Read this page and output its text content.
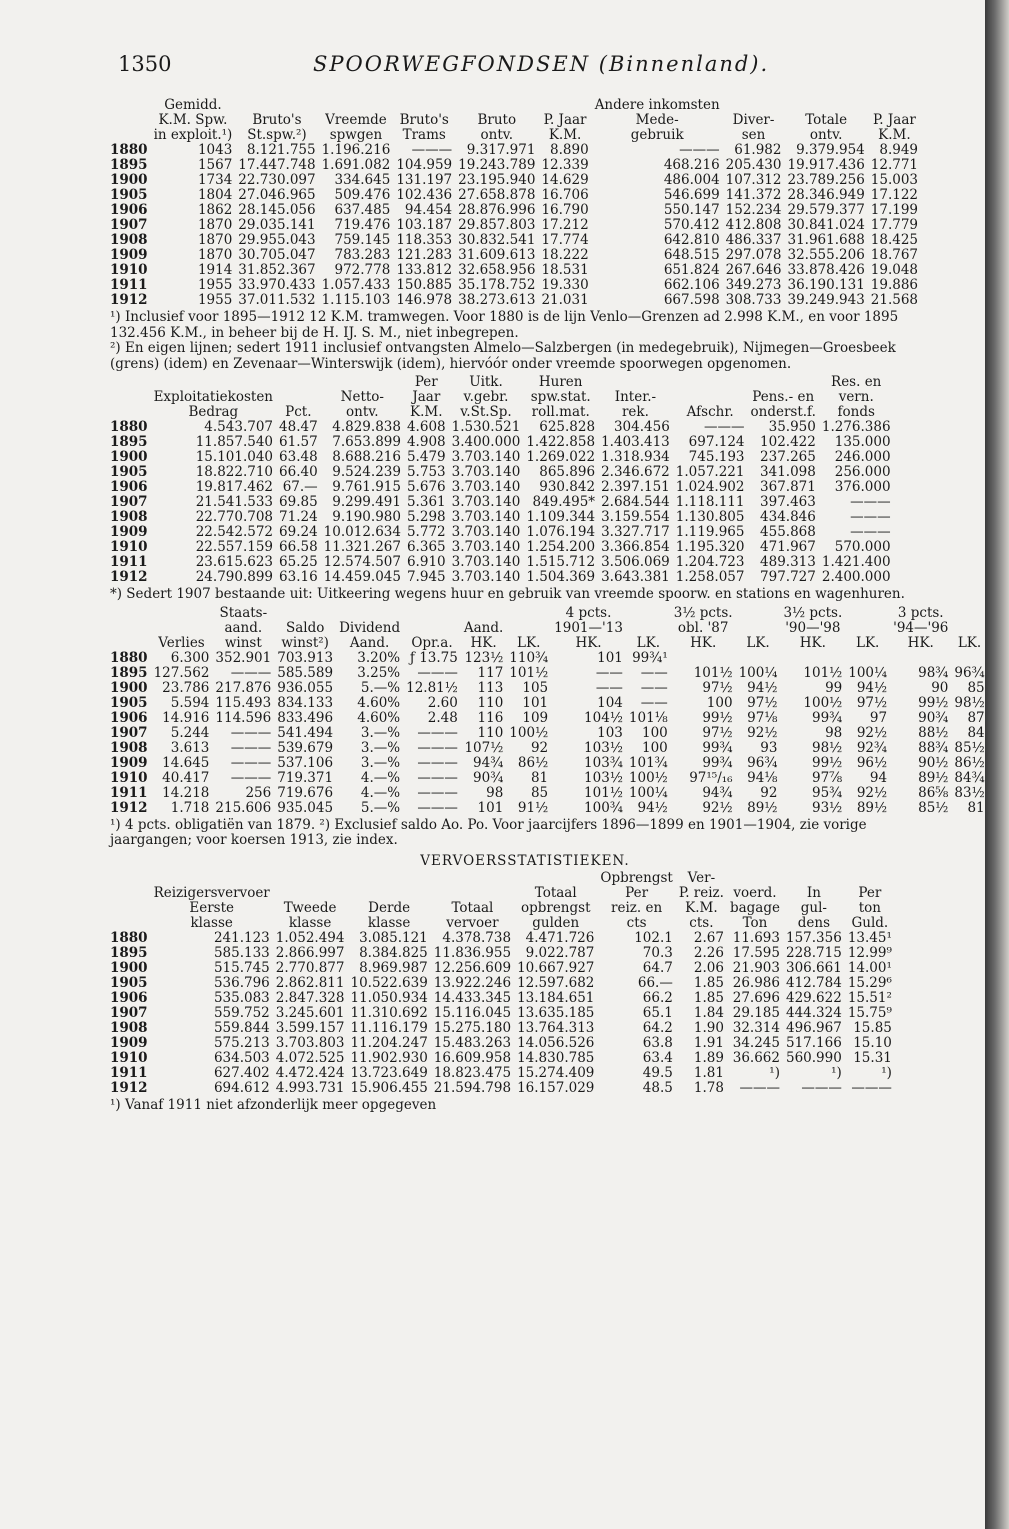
1350	SPOORWEGFONDSEN (Binnenland).
	Gemidd.						Andere inkomsten			
	K.M. Spw.	Bruto's	Vreemde	Bruto's	Bruto	P. Jaar	Mede-	Diver-	Totale	P. Jaar
	in exploit.¹)	St.spw.²)	spwgen	Trams	ontv.	K.M.	gebruik	sen	ontv.	K.M.
1880	1043	8.121.755	1.196.216	———	9.317.971	8.890	———	61.982	9.379.954	8.949
1895	1567	17.447.748	1.691.082	104.959	19.243.789	12.339	468.216	205.430	19.917.436	12.771
1900	1734	22.730.097	334.645	131.197	23.195.940	14.629	486.004	107.312	23.789.256	15.003
1905	1804	27.046.965	509.476	102.436	27.658.878	16.706	546.699	141.372	28.346.949	17.122
1906	1862	28.145.056	637.485	94.454	28.876.996	16.790	550.147	152.234	29.579.377	17.199
1907	1870	29.035.141	719.476	103.187	29.857.803	17.212	570.412	412.808	30.841.024	17.779
1908	1870	29.955.043	759.145	118.353	30.832.541	17.774	642.810	486.337	31.961.688	18.425
1909	1870	30.705.047	783.283	121.283	31.609.613	18.222	648.515	297.078	32.555.206	18.767
1910	1914	31.852.367	972.778	133.812	32.658.956	18.531	651.824	267.646	33.878.426	19.048
1911	1955	33.970.433	1.057.433	150.885	35.178.752	19.330	662.106	349.273	36.190.131	19.886
1912	1955	37.011.532	1.115.103	146.978	38.273.613	21.031	667.598	308.733	39.249.943	21.568

¹) Inclusief voor 1895—1912 12 K.M. tramwegen. Voor 1880 is de lijn Venlo—Grenzen ad 2.998 K.M., en voor 1895 132.456 K.M., in beheer bij de H. IJ. S. M., niet inbegrepen.

²) En eigen lijnen; sedert 1911 inclusief ontvangsten Almelo—Salzbergen (in medegebruik), Nijmegen—Groesbeek (grens) (idem) en Zevenaar—Winterswijk (idem), hiervóór onder vreemde spoorwegen opgenomen.

				Per	Uitk.	Huren				Res. en
	Exploitatiekosten		Netto-	Jaar	v.gebr.	spw.stat.	Inter.-		Pens.- en	vern.
	Bedrag	Pct.	ontv.	K.M.	v.St.Sp.	roll.mat.	rek.	Afschr.	onderst.f.	fonds
1880	4.543.707	48.47	4.829.838	4.608	1.530.521	625.828	304.456	———	35.950	1.276.386
1895	11.857.540	61.57	7.653.899	4.908	3.400.000	1.422.858	1.403.413	697.124	102.422	135.000
1900	15.101.040	63.48	8.688.216	5.479	3.703.140	1.269.022	1.318.934	745.193	237.265	246.000
1905	18.822.710	66.40	9.524.239	5.753	3.703.140	865.896	2.346.672	1.057.221	341.098	256.000
1906	19.817.462	67.—	9.761.915	5.676	3.703.140	930.842	2.397.151	1.024.902	367.871	376.000
1907	21.541.533	69.85	9.299.491	5.361	3.703.140	849.495*	2.684.544	1.118.111	397.463	———
1908	22.770.708	71.24	9.190.980	5.298	3.703.140	1.109.344	3.159.554	1.130.805	434.846	———
1909	22.542.572	69.24	10.012.634	5.772	3.703.140	1.076.194	3.327.717	1.119.965	455.868	———
1910	22.557.159	66.58	11.321.267	6.365	3.703.140	1.254.200	3.366.854	1.195.320	471.967	570.000
1911	23.615.623	65.25	12.574.507	6.910	3.703.140	1.515.712	3.506.069	1.204.723	489.313	1.421.400
1912	24.790.899	63.16	14.459.045	7.945	3.703.140	1.504.369	3.643.381	1.258.057	797.727	2.400.000

*) Sedert 1907 bestaande uit: Uitkeering wegens huur en gebruik van vreemde spoorw. en stations en wagenhuren.

		Staats-						4 pcts.		3½ pcts.		3½ pcts.		3 pcts.	
		aand.	Saldo	Dividend		Aand.		1901—'13		obl. '87		'90—'98		'94—'96	
	Verlies	winst	winst²)	Aand.	Opr.a.	HK.	LK.	HK.	LK.	HK.	LK.	HK.	LK.	HK.	LK.
1880	6.300	352.901	703.913	3.20%	ƒ 13.75	123½	110¾	101	99¾¹						
1895	127.562	———	585.589	3.25%	———	117	101½	——	——	101½	100¼	101½	100¼	98¾	96¾
1900	23.786	217.876	936.055	5.—%	12.81½	113	105	——	——	97½	94½	99	94½	90	85
1905	5.594	115.493	834.133	4.60%	2.60	110	101	104	——	100	97½	100½	97½	99½	98½
1906	14.916	114.596	833.496	4.60%	2.48	116	109	104½	101⅛	99½	97⅛	99¾	97	90¾	87
1907	5.244	———	541.494	3.—%	———	110	100½	103	100	97½	92½	98	92½	88½	84
1908	3.613	———	539.679	3.—%	———	107½	92	103½	100	99¾	93	98½	92¾	88¾	85½
1909	14.645	———	537.106	3.—%	———	94¾	86½	103¾	101¾	99¾	96¾	99½	96½	90½	86½
1910	40.417	———	719.371	4.—%	———	90¾	81	103½	100½	97¹⁵/₁₆	94⅛	97⅞	94	89½	84¾
1911	14.218	256	719.676	4.—%	———	98	85	101½	100¼	94¾	92	95¾	92½	86⅝	83½
1912	1.718	215.606	935.045	5.—%	———	101	91½	100¾	94½	92½	89½	93½	89½	85½	81

¹) 4 pcts. obligatiën van 1879. ²) Exclusief saldo Ao. Po. Voor jaarcijfers 1896—1899 en 1901—1904, zie vorige jaargangen; voor koersen 1913, zie index.

VERVOERSSTATISTIEKEN.
						Opbrengst	Ver-			
	Reizigersvervoer				Totaal	Per	P. reiz.	voerd.	In	Per
	Eerste	Tweede	Derde	Totaal	opbrengst	reiz. en	K.M.	bagage	gul-	ton
	klasse	klasse	klasse	vervoer	gulden	cts	cts.	Ton	dens	Guld.
1880	241.123	1.052.494	3.085.121	4.378.738	4.471.726	102.1	2.67	11.693	157.356	13.45¹
1895	585.133	2.866.997	8.384.825	11.836.955	9.022.787	70.3	2.26	17.595	228.715	12.99⁹
1900	515.745	2.770.877	8.969.987	12.256.609	10.667.927	64.7	2.06	21.903	306.661	14.00¹
1905	536.796	2.862.811	10.522.639	13.922.246	12.597.682	66.—	1.85	26.986	412.784	15.29⁶
1906	535.083	2.847.328	11.050.934	14.433.345	13.184.651	66.2	1.85	27.696	429.622	15.51²
1907	559.752	3.245.601	11.310.692	15.116.045	13.635.185	65.1	1.84	29.185	444.324	15.75⁹
1908	559.844	3.599.157	11.116.179	15.275.180	13.764.313	64.2	1.90	32.314	496.967	15.85
1909	575.213	3.703.803	11.204.247	15.483.263	14.056.526	63.8	1.91	34.245	517.166	15.10
1910	634.503	4.072.525	11.902.930	16.609.958	14.830.785	63.4	1.89	36.662	560.990	15.31
1911	627.402	4.472.424	13.723.649	18.823.475	15.274.409	49.5	1.81	¹)	¹)	¹)
1912	694.612	4.993.731	15.906.455	21.594.798	16.157.029	48.5	1.78	———	———	———

¹) Vanaf 1911 niet afzonderlijk meer opgegeven
